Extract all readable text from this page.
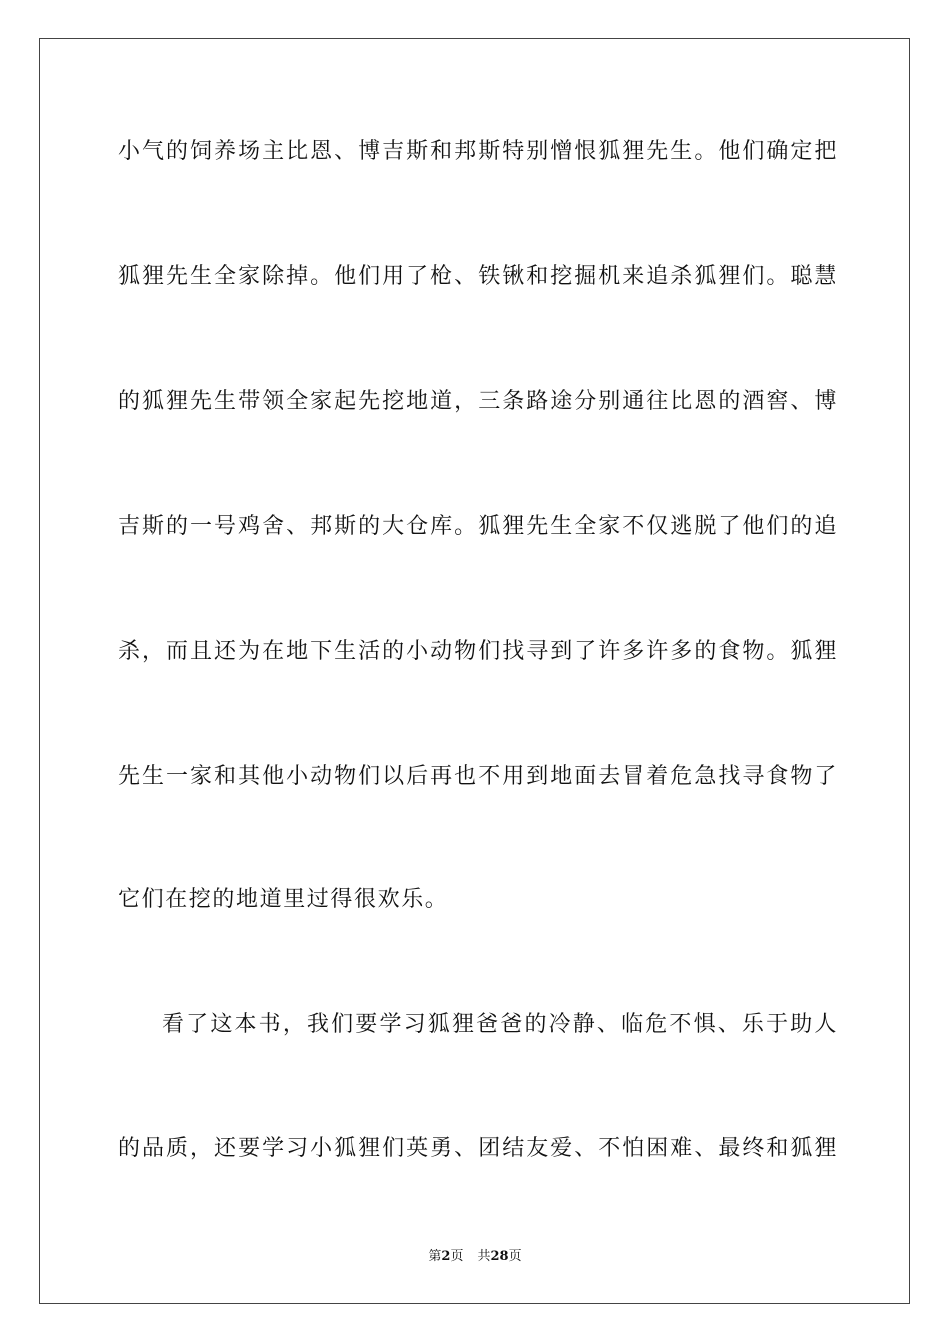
小气的饲养场主比恩、博吉斯和邦斯特别憎恨狐狸先生。他们确定把
狐狸先生全家除掉。他们用了枪、铁锹和挖掘机来追杀狐狸们。聪慧
的狐狸先生带领全家起先挖地道，三条路途分别通往比恩的酒窖、博
吉斯的一号鸡舍、邦斯的大仓库。狐狸先生全家不仅逃脱了他们的追
杀，而且还为在地下生活的小动物们找寻到了许多许多的食物。狐狸
先生一家和其他小动物们以后再也不用到地面去冒着危急找寻食物了
它们在挖的地道里过得很欢乐。
看了这本书，我们要学习狐狸爸爸的冷静、临危不惧、乐于助人
的品质，还要学习小狐狸们英勇、团结友爱、不怕困难、最终和狐狸
第2页 共28页
